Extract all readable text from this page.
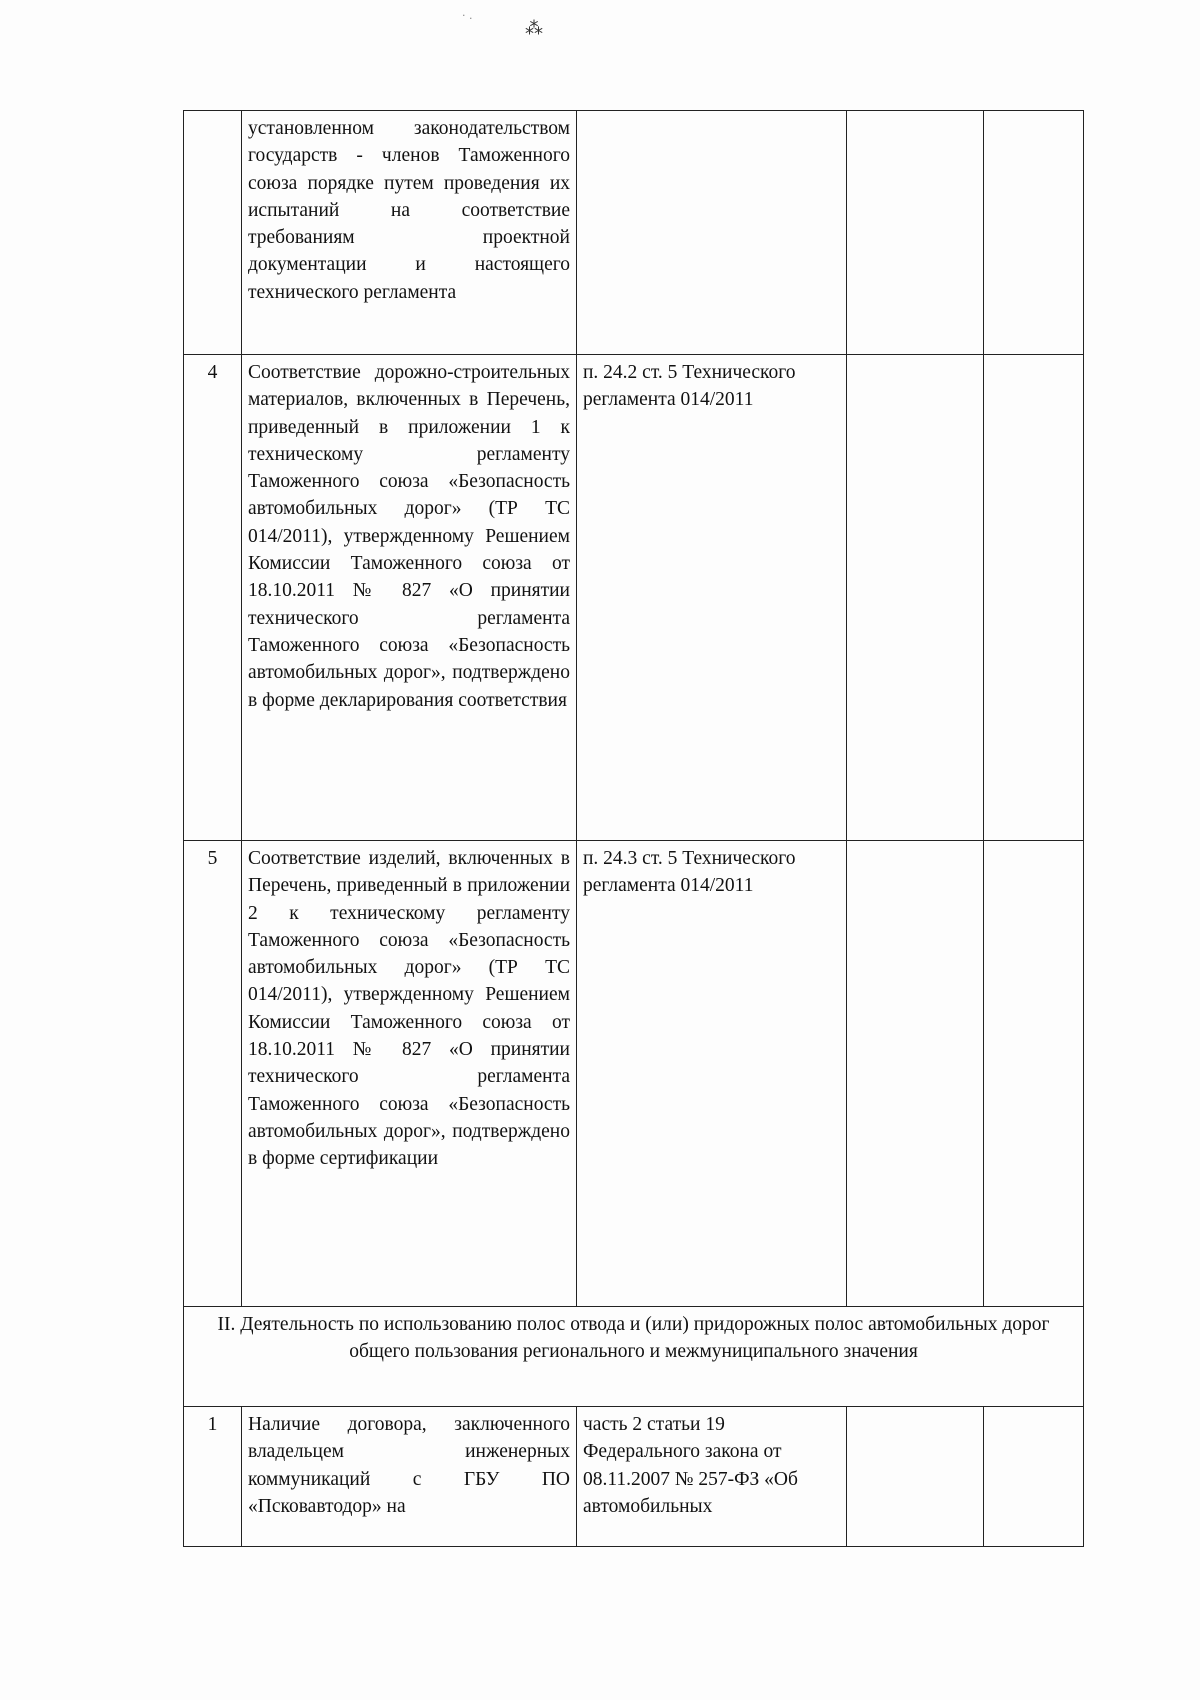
⁂
· .
	установленном законодательством государств - членов Таможенного союза порядке путем проведения их испытаний на соответствие требованиям проектной документации и настоящего технического регламента			
4	Соответствие дорожно-строительных материалов, включенных в Перечень, приведенный в приложении 1 к техническому регламенту Таможенного союза «Безопасность автомобильных дорог» (ТР ТС 014/2011), утвержденному Решением Комиссии Таможенного союза от 18.10.2011 № 827 «О принятии технического регламента Таможенного союза «Безопасность автомобильных дорог», подтверждено в форме декларирования соответствия	п. 24.2 ст. 5 Технического регламента 014/2011		
5	Соответствие изделий, включенных в Перечень, приведенный в приложении 2 к техническому регламенту Таможенного союза «Безопасность автомобильных дорог» (ТР ТС 014/2011), утвержденному Решением Комиссии Таможенного союза от 18.10.2011 № 827 «О принятии технического регламента Таможенного союза «Безопасность автомобильных дорог», подтверждено в форме сертификации	п. 24.3 ст. 5 Технического регламента 014/2011		
II. Деятельность по использованию полос отвода и (или) придорожных полос автомобильных дорог общего пользования регионального и межмуниципального значения				
1	Наличие договора, заключенного владельцем инженерных коммуникаций с ГБУ ПО «Псковавтодор» на	часть 2 статьи 19 Федерального закона от 08.11.2007 № 257-ФЗ «Об автомобильных		
